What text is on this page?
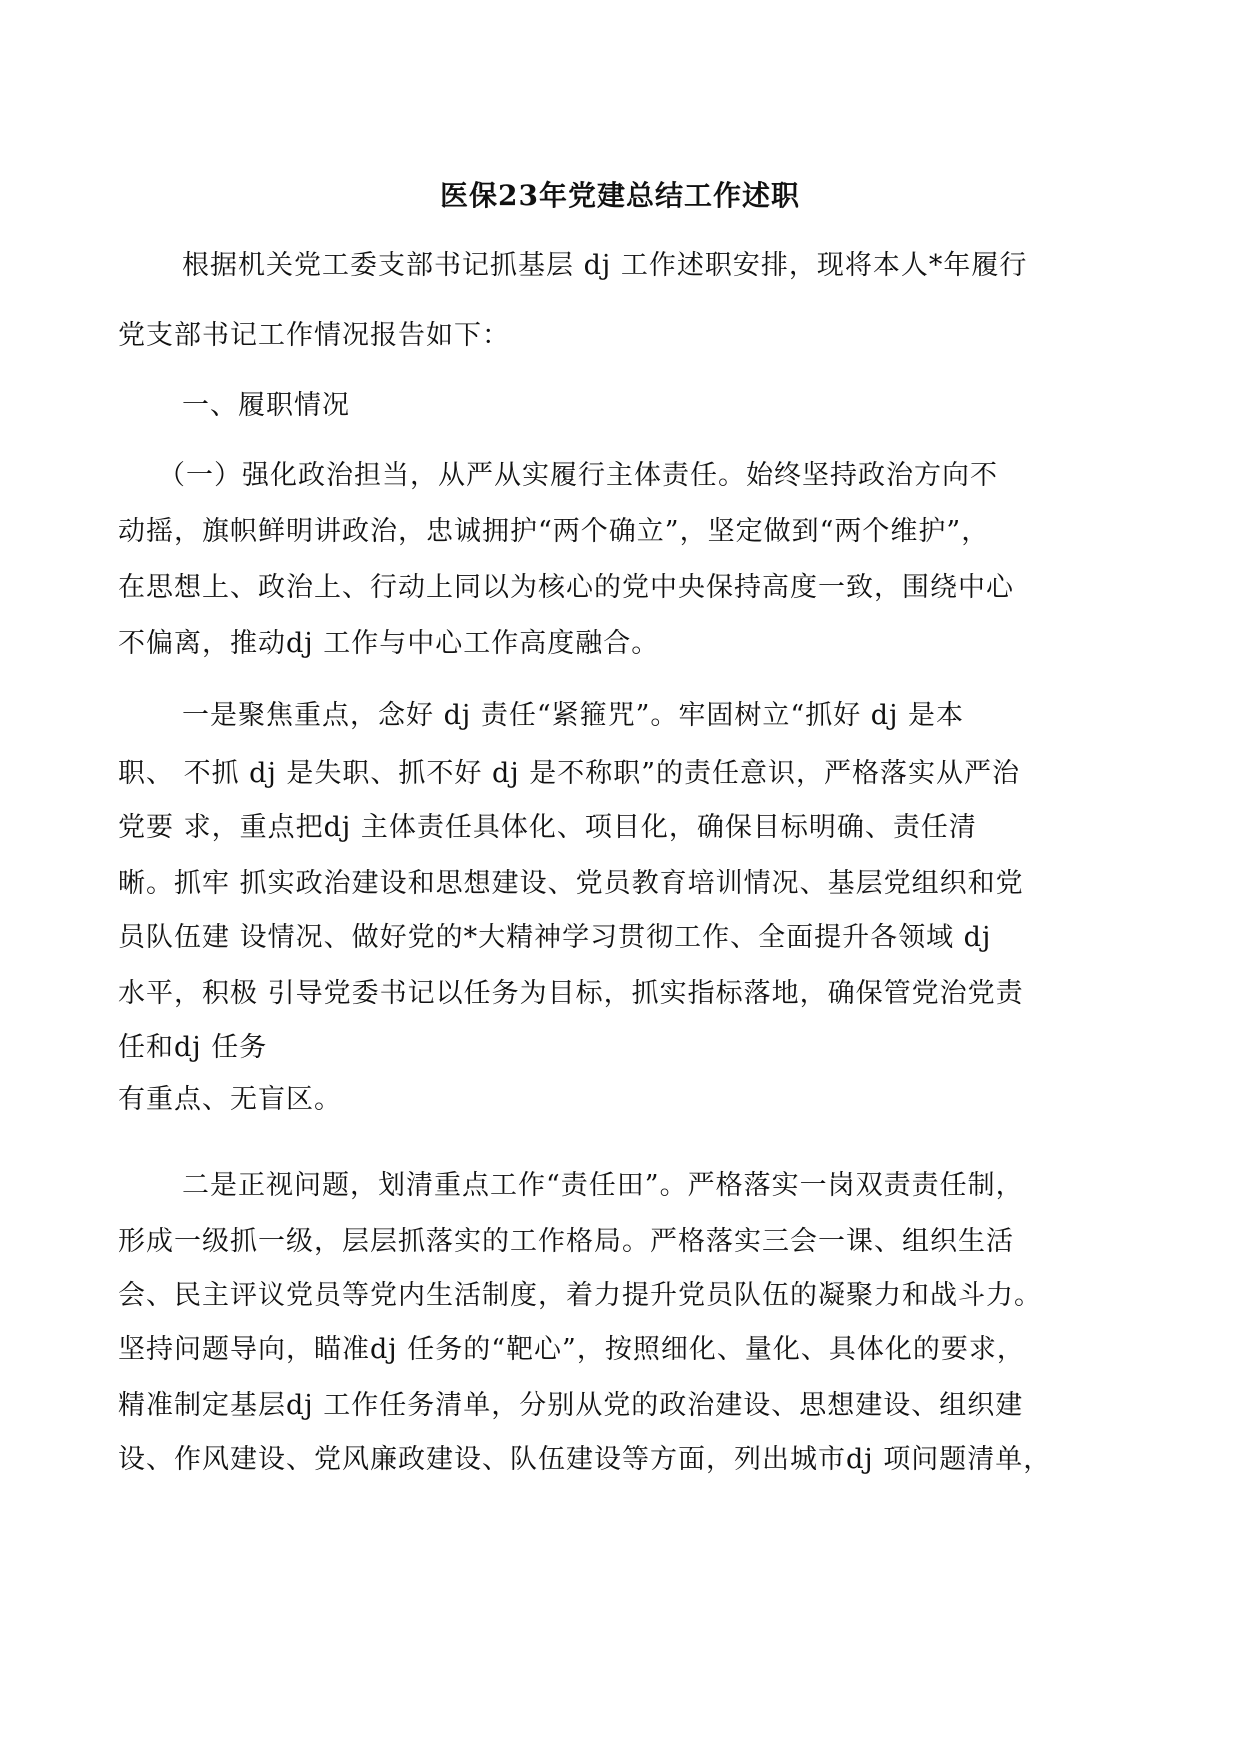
医保23年党建总结工作述职
根据机关党工委支部书记抓基层 dj 工作述职安排，现将本人*年履行
党支部书记工作情况报告如下：
一、履职情况
（一）强化政治担当，从严从实履行主体责任。始终坚持政治方向不
动摇，旗帜鲜明讲政治，忠诚拥护“两个确立”，坚定做到“两个维护”，
在思想上、政治上、行动上同以为核心的党中央保持高度一致，围绕中心
不偏离，推动dj 工作与中心工作高度融合。
一是聚焦重点，念好 dj 责任“紧箍咒”。牢固树立“抓好 dj 是本
职、 不抓 dj 是失职、抓不好 dj 是不称职”的责任意识，严格落实从严治
党要 求，重点把dj 主体责任具体化、项目化，确保目标明确、责任清
晰。抓牢 抓实政治建设和思想建设、党员教育培训情况、基层党组织和党
员队伍建 设情况、做好党的*大精神学习贯彻工作、全面提升各领域 dj
水平，积极 引导党委书记以任务为目标，抓实指标落地，确保管党治党责
任和dj 任务
有重点、无盲区。
二是正视问题，划清重点工作“责任田”。严格落实一岗双责责任制，
形成一级抓一级，层层抓落实的工作格局。严格落实三会一课、组织生活
会、民主评议党员等党内生活制度，着力提升党员队伍的凝聚力和战斗力。
坚持问题导向，瞄准dj 任务的“靶心”，按照细化、量化、具体化的要求，
精准制定基层dj 工作任务清单，分别从党的政治建设、思想建设、组织建
设、作风建设、党风廉政建设、队伍建设等方面，列出城市dj 项问题清单，
